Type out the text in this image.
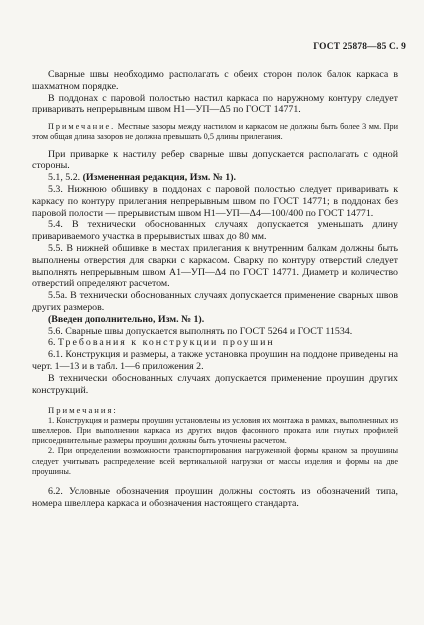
ГОСТ 25878—85 С. 9

Сварные швы необходимо располагать с обеих сторон полок балок каркаса в шахматном порядке.

В поддонах с паровой полостью настил каркаса по наружному контуру следует приваривать непрерывным швом Н1—УП—Δ5 по ГОСТ 14771.

Примечание. Местные зазоры между настилом и каркасом не должны быть более 3 мм. При этом общая длина зазоров не должна превышать 0,5 длины прилегания.

При приварке к настилу ребер сварные швы допускается располагать с одной стороны.

5.1, 5.2. (Измененная редакция, Изм. № 1).

5.3. Нижнюю обшивку в поддонах с паровой полостью следует приваривать к каркасу по контуру прилегания непрерывным швом по ГОСТ 14771; в поддонах без паровой полости — прерывистым швом Н1—УП—Δ4—100/400 по ГОСТ 14771.

5.4. В технически обоснованных случаях допускается уменьшать длину привариваемого участка в прерывистых швах до 80 мм.

5.5. В нижней обшивке в местах прилегания к внутренним балкам должны быть выполнены отверстия для сварки с каркасом. Сварку по контуру отверстий следует выполнять непрерывным швом А1—УП—Δ4 по ГОСТ 14771. Диаметр и количество отверстий определяют расчетом.

5.5а. В технически обоснованных случаях допускается применение сварных швов других размеров.

(Введен дополнительно, Изм. № 1).

5.6. Сварные швы допускается выполнять по ГОСТ 5264 и ГОСТ 11534.

6. Требования к конструкции проушин

6.1. Конструкция и размеры, а также установка проушин на поддоне приведены на черт. 1—13 и в табл. 1—6 приложения 2.

В технически обоснованных случаях допускается применение проушин других конструкций.

Примечания:

1. Конструкция и размеры проушин установлены из условия их монтажа в рамках, выполненных из швеллеров. При выполнении каркаса из других видов фасонного проката или гнутых профилей присоединительные размеры проушин должны быть уточнены расчетом.

2. При определении возможности транспортирования нагруженной формы краном за проушины следует учитывать распределение всей вертикальной нагрузки от массы изделия и формы на две проушины.

6.2. Условные обозначения проушин должны состоять из обозначений типа, номера швеллера каркаса и обозначения настоящего стандарта.
